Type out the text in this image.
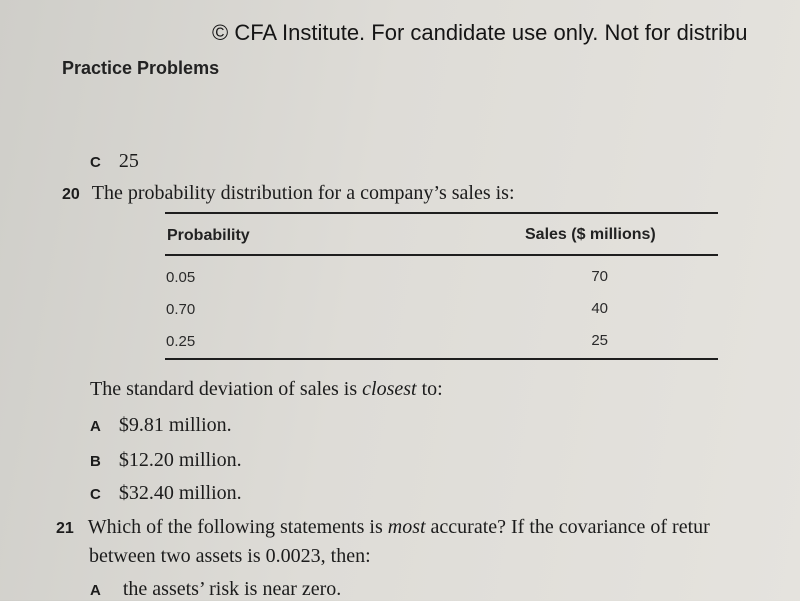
© CFA Institute. For candidate use only. Not for distribu
Practice Problems
C 25
20 The probability distribution for a company’s sales is:
Probability	Sales ($ millions)
0.05	70
0.70	40
0.25	25
The standard deviation of sales is closest to:
A $9.81 million.
B $12.20 million.
C $32.40 million.
21 Which of the following statements is most accurate? If the covariance of retur
between two assets is 0.0023, then:
A the assets’ risk is near zero.
